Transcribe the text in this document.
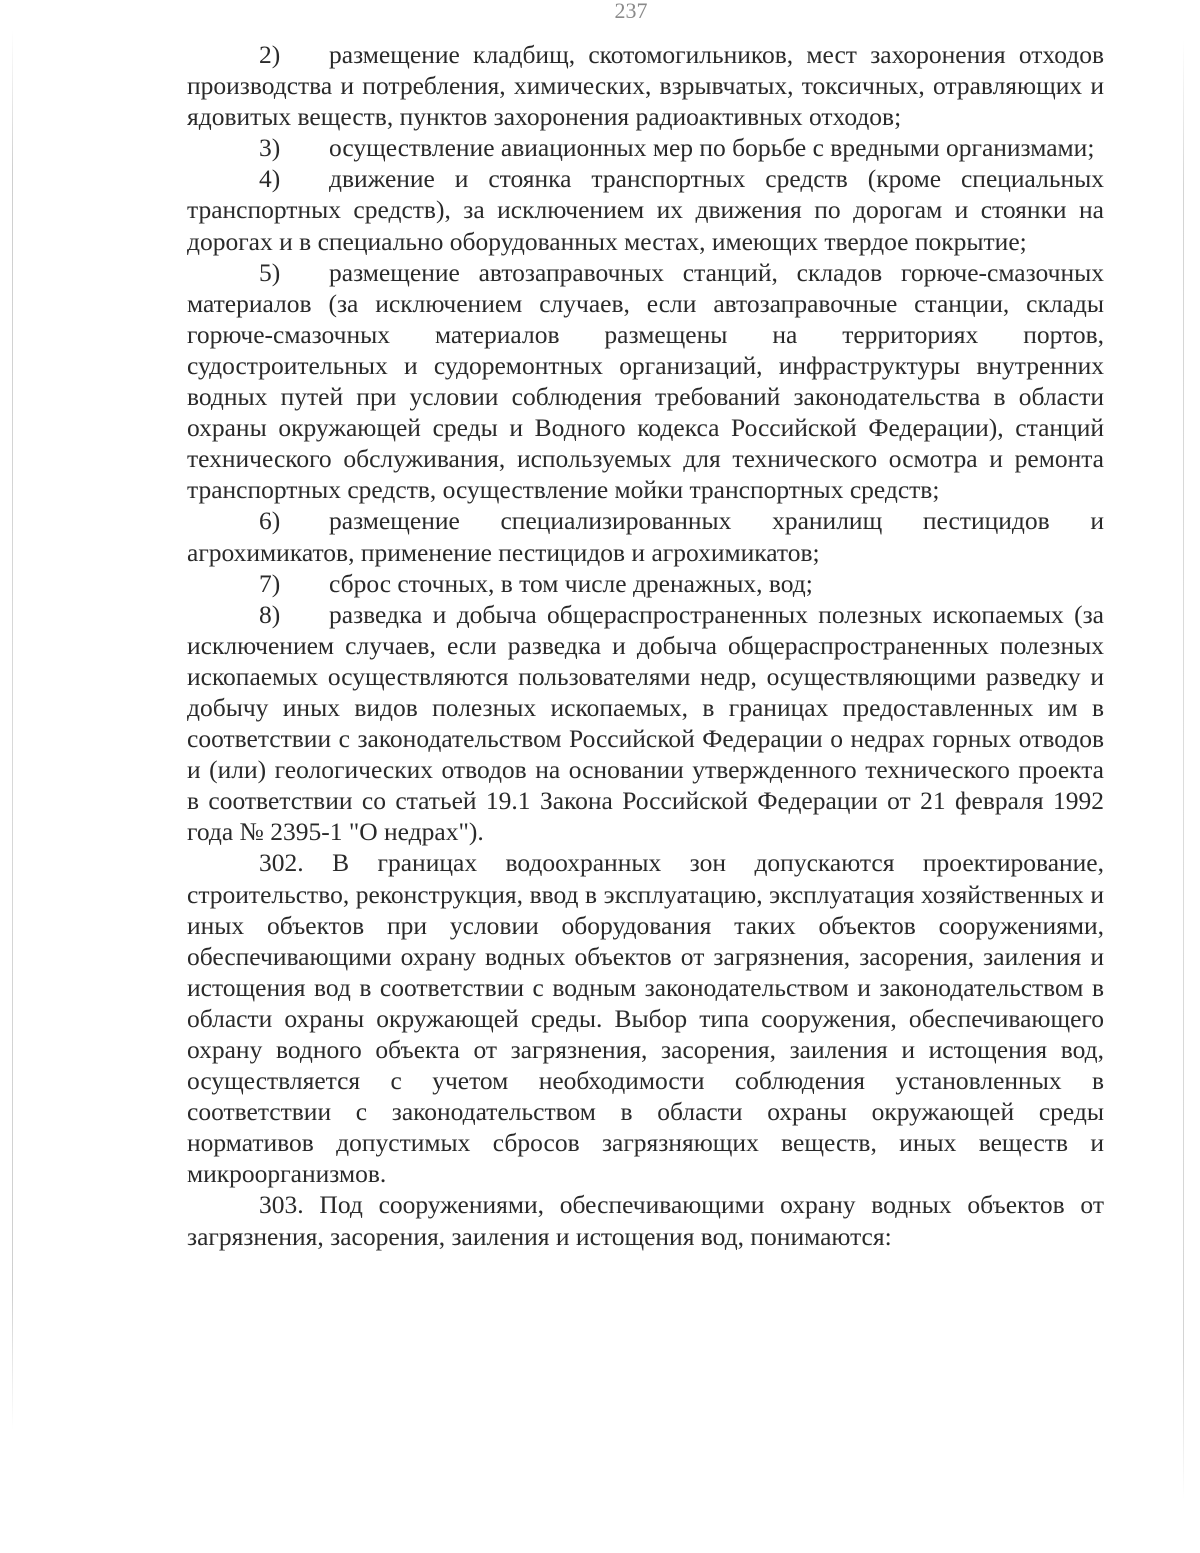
237

2) размещение кладбищ, скотомогильников, мест захоронения отходов производства и потребления, химических, взрывчатых, токсичных, отравляющих и ядовитых веществ, пунктов захоронения радиоактивных отходов;

3) осуществление авиационных мер по борьбе с вредными организмами;

4) движение и стоянка транспортных средств (кроме специальных транспортных средств), за исключением их движения по дорогам и стоянки на дорогах и в специально оборудованных местах, имеющих твердое покрытие;

5) размещение автозаправочных станций, складов горюче-смазочных материалов (за исключением случаев, если автозаправочные станции, склады горюче-смазочных материалов размещены на территориях портов, судостроительных и судоремонтных организаций, инфраструктуры внутренних водных путей при условии соблюдения требований законодательства в области охраны окружающей среды и Водного кодекса Российской Федерации), станций технического обслуживания, используемых для технического осмотра и ремонта транспортных средств, осуществление мойки транспортных средств;

6) размещение специализированных хранилищ пестицидов и агрохимикатов, применение пестицидов и агрохимикатов;

7) сброс сточных, в том числе дренажных, вод;

8) разведка и добыча общераспространенных полезных ископаемых (за исключением случаев, если разведка и добыча общераспространенных полезных ископаемых осуществляются пользователями недр, осуществляющими разведку и добычу иных видов полезных ископаемых, в границах предоставленных им в соответствии с законодательством Российской Федерации о недрах горных отводов и (или) геологических отводов на основании утвержденного технического проекта в соответствии со статьей 19.1 Закона Российской Федерации от 21 февраля 1992 года № 2395-1 "О недрах").

302. В границах водоохранных зон допускаются проектирование, строительство, реконструкция, ввод в эксплуатацию, эксплуатация хозяйственных и иных объектов при условии оборудования таких объектов сооружениями, обеспечивающими охрану водных объектов от загрязнения, засорения, заиления и истощения вод в соответствии с водным законодательством и законодательством в области охраны окружающей среды. Выбор типа сооружения, обеспечивающего охрану водного объекта от загрязнения, засорения, заиления и истощения вод, осуществляется с учетом необходимости соблюдения установленных в соответствии с законодательством в области охраны окружающей среды нормативов допустимых сбросов загрязняющих веществ, иных веществ и микроорганизмов.

303. Под сооружениями, обеспечивающими охрану водных объектов от загрязнения, засорения, заиления и истощения вод, понимаются:
